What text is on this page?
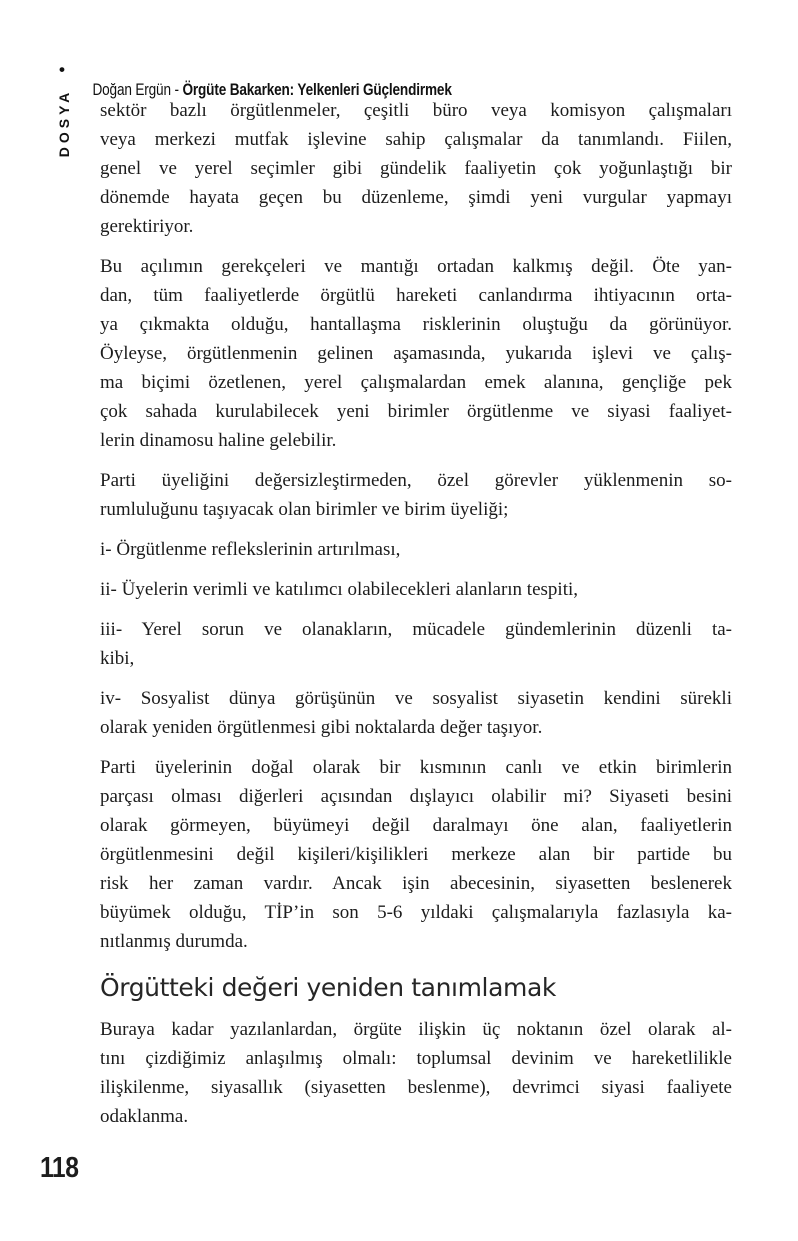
•

Doğan Ergün - Örgüte Bakarken: Yelkenleri Güçlendirmek

DOSYA sektör bazlı örgütlenmeler, çeşitli büro veya komisyon çalışmaları
veya merkezi mutfak işlevine sahip çalışmalar da tanımlandı. Fiilen,
genel ve yerel seçimler gibi gündelik faaliyetin çok yoğunlaştığı bir
dönemde hayata geçen bu düzenleme, şimdi yeni vurgular yapmayı
gerektiriyor.
Bu açılımın gerekçeleri ve mantığı ortadan kalkmış değil. Öte yan-
dan, tüm faaliyetlerde örgütlü hareketi canlandırma ihtiyacının orta-
ya çıkmakta olduğu, hantallaşma risklerinin oluştuğu da görünüyor.
Öyleyse, örgütlenmenin gelinen aşamasında, yukarıda işlevi ve çalış-
ma biçimi özetlenen, yerel çalışmalardan emek alanına, gençliğe pek
çok sahada kurulabilecek yeni birimler örgütlenme ve siyasi faaliyet-
lerin dinamosu haline gelebilir.
Parti üyeliğini değersizleştirmeden, özel görevler yüklenmenin so-
rumluluğunu taşıyacak olan birimler ve birim üyeliği;
i- Örgütlenme reflekslerinin artırılması,
ii- Üyelerin verimli ve katılımcı olabilecekleri alanların tespiti,
iii- Yerel sorun ve olanakların, mücadele gündemlerinin düzenli ta-
kibi,
iv- Sosyalist dünya görüşünün ve sosyalist siyasetin kendini sürekli
olarak yeniden örgütlenmesi gibi noktalarda değer taşıyor.
Parti üyelerinin doğal olarak bir kısmının canlı ve etkin birimlerin
parçası olması diğerleri açısından dışlayıcı olabilir mi? Siyaseti besini
olarak görmeyen, büyümeyi değil daralmayı öne alan, faaliyetlerin
örgütlenmesini değil kişileri/kişilikleri merkeze alan bir partide bu
risk her zaman vardır. Ancak işin abecesinin, siyasetten beslenerek
büyümek olduğu, TİP’in son 5-6 yıldaki çalışmalarıyla fazlasıyla ka-
nıtlanmış durumda.
Örgütteki değeri yeniden tanımlamak
Buraya kadar yazılanlardan, örgüte ilişkin üç noktanın özel olarak al-
tını çizdiğimiz anlaşılmış olmalı: toplumsal devinim ve hareketlilikle
ilişkilenme, siyasallık (siyasetten beslenme), devrimci siyasi faaliyete
odaklanma.
118
